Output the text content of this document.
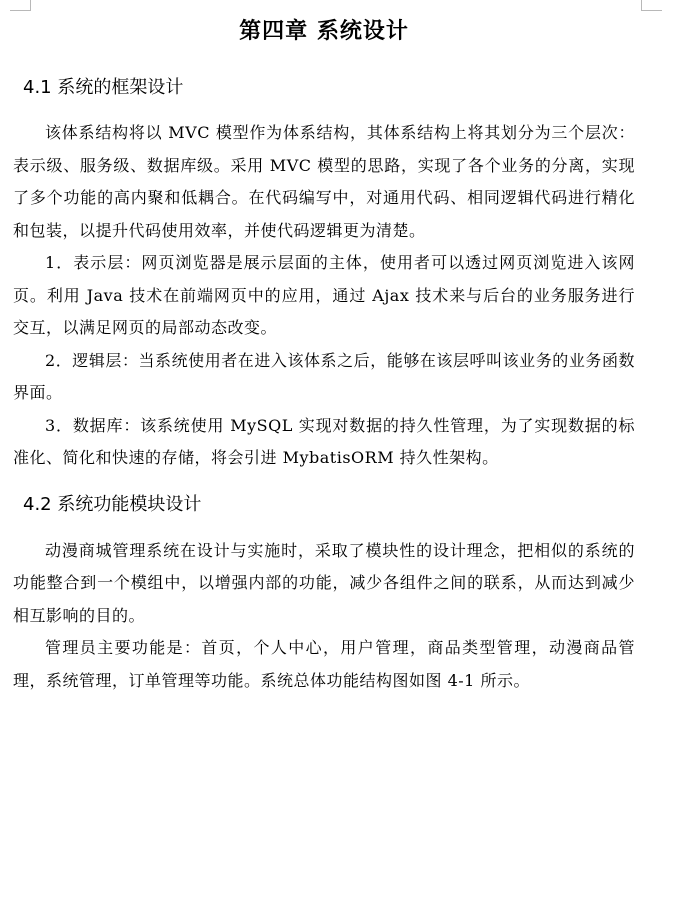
第四章 系统设计
4.1 系统的框架设计

该体系结构将以 MVC 模型作为体系结构，其体系结构上将其划分为三个层次：表示级、服务级、数据库级。采用 MVC 模型的思路，实现了各个业务的分离，实现了多个功能的高内聚和低耦合。在代码编写中，对通用代码、相同逻辑代码进行精化和包装，以提升代码使用效率，并使代码逻辑更为清楚。

1．表示层：网页浏览器是展示层面的主体，使用者可以透过网页浏览进入该网页。利用 Java 技术在前端网页中的应用，通过 Ajax 技术来与后台的业务服务进行交互，以满足网页的局部动态改变。

2．逻辑层：当系统使用者在进入该体系之后，能够在该层呼叫该业务的业务函数界面。

3．数据库：该系统使用 MySQL 实现对数据的持久性管理，为了实现数据的标准化、简化和快速的存储，将会引进 MybatisORM 持久性架构。

4.2 系统功能模块设计

动漫商城管理系统在设计与实施时，采取了模块性的设计理念，把相似的系统的功能整合到一个模组中，以增强内部的功能，减少各组件之间的联系，从而达到减少相互影响的目的。

管理员主要功能是：首页，个人中心，用户管理，商品类型管理，动漫商品管理，系统管理，订单管理等功能。系统总体功能结构图如图 4-1 所示。
